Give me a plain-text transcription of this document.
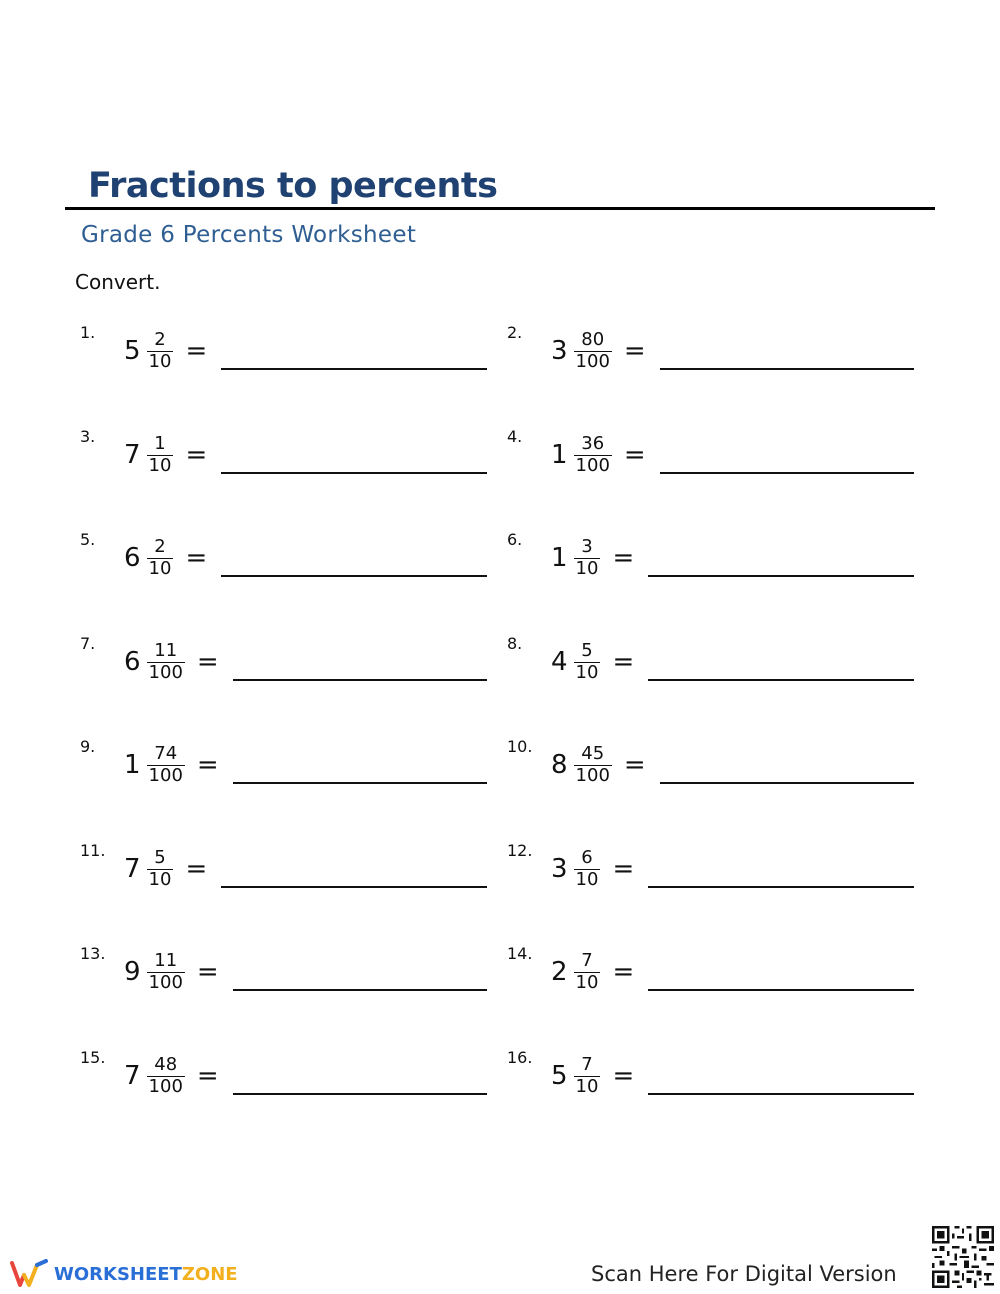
Fractions to percents
Grade 6 Percents Worksheet
Convert.
1.
$5 \frac{2}{10}$ =
2.
$3 \frac{80}{100}$ =
3.
$7 \frac{1}{10}$ =
4.
$1 \frac{36}{100}$ =
5.
$6 \frac{2}{10}$ =
6.
$1 \frac{3}{10}$ =
7.
$6 \frac{11}{100}$ =
8.
$4 \frac{5}{10}$ =
9.
$1 \frac{74}{100}$ =
10.
$8 \frac{45}{100}$ =
11.
$7 \frac{5}{10}$ =
12.
$3 \frac{6}{10}$ =
13.
$9 \frac{11}{100}$ =
14.
$2 \frac{7}{10}$ =
15.
$7 \frac{48}{100}$ =
16.
$5 \frac{7}{10}$ =
WORKSHEETZONE	Scan Here For Digital Version
